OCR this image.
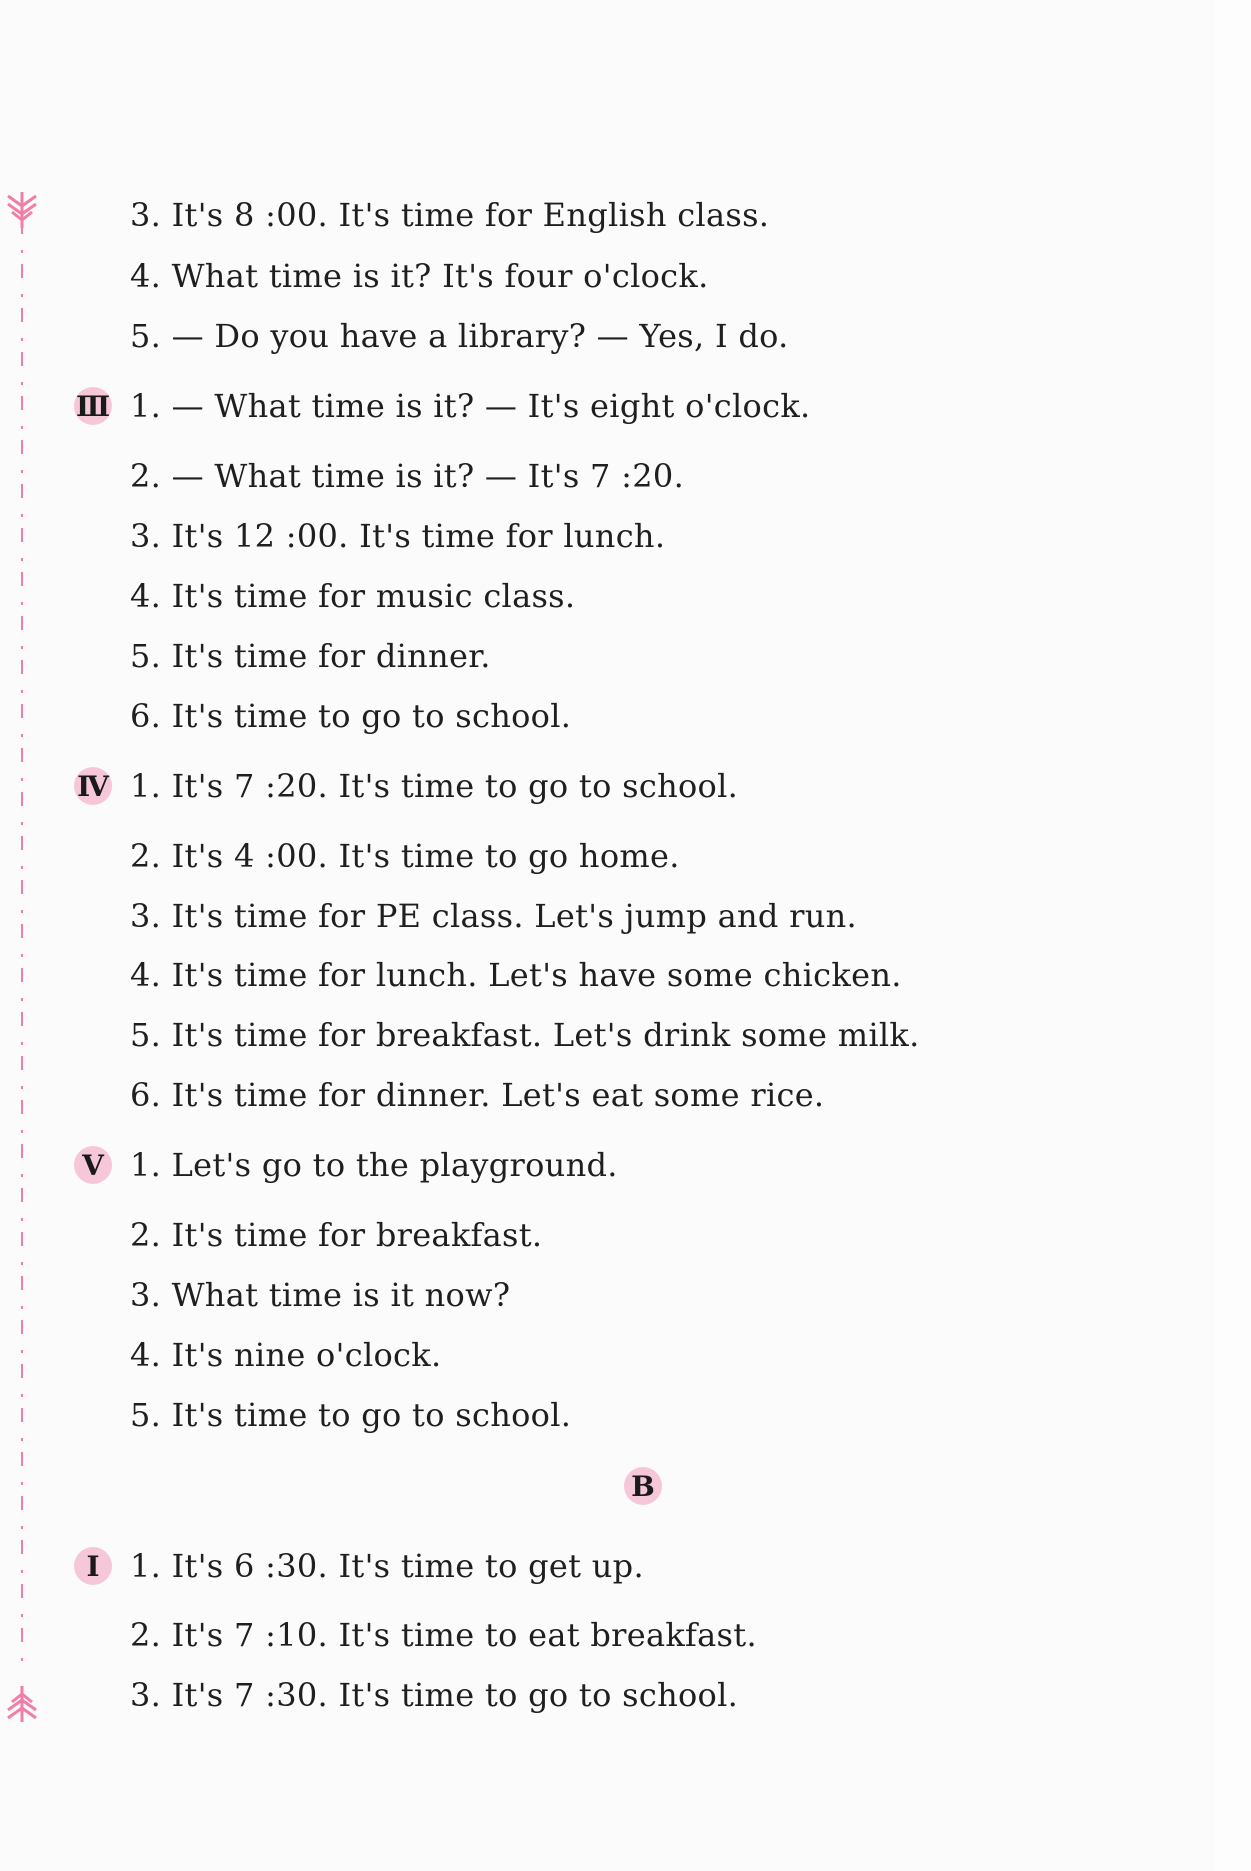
3. It's 8 :00. It's time for English class.
4. What time is it? It's four o'clock.
5. — Do you have a library? — Yes, I do.
Ⅲ 1. — What time is it? — It's eight o'clock.
2. — What time is it? — It's 7 :20.
3. It's 12 :00. It's time for lunch.
4. It's time for music class.
5. It's time for dinner.
6. It's time to go to school.
Ⅳ 1. It's 7 :20. It's time to go to school.
2. It's 4 :00. It's time to go home.
3. It's time for PE class. Let's jump and run.
4. It's time for lunch. Let's have some chicken.
5. It's time for breakfast. Let's drink some milk.
6. It's time for dinner. Let's eat some rice.
Ⅴ 1. Let's go to the playground.
2. It's time for breakfast.
3. What time is it now?
4. It's nine o'clock.
5. It's time to go to school.
B
Ⅰ 1. It's 6 :30. It's time to get up.
2. It's 7 :10. It's time to eat breakfast.
3. It's 7 :30. It's time to go to school.
